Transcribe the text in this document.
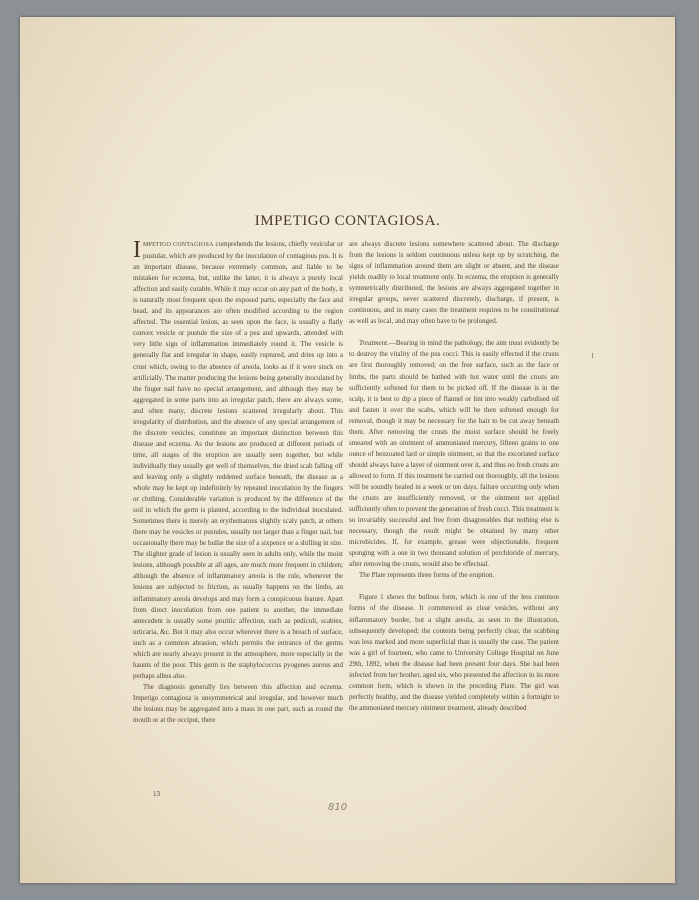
IMPETIGO CONTAGIOSA.

IMPETIGO CONTAGIOSA comprehends the lesions, chiefly vesicular or pustular, which are produced by the inoculation of contagious pus. It is an important disease, because extremely common, and liable to be mistaken for eczema, but, unlike the latter, it is always a purely local affection and easily curable. While it may occur on any part of the body, it is naturally most frequent upon the exposed parts, especially the face and head, and its appearances are often modified according to the region affected. The essential lesion, as seen upon the face, is usually a flatly convex vesicle or pustule the size of a pea and upwards, attended with very little sign of inflammation immediately round it. The vesicle is generally flat and irregular in shape, easily ruptured, and dries up into a crust which, owing to the absence of areola, looks as if it were stuck on artificially. The matter producing the lesions being generally inoculated by the finger nail have no special arrangement, and although they may be aggregated in some parts into an irregular patch, there are always some, and often many, discrete lesions scattered irregularly about. This irregularity of distribution, and the absence of any special arrangement of the discrete vesicles, constitute an important distinction between this disease and eczema. As the lesions are produced at different periods of time, all stages of the eruption are usually seen together, but while individually they usually get well of themselves, the dried scab falling off and leaving only a slightly reddened surface beneath, the disease as a whole may be kept up indefinitely by repeated inoculation by the fingers or clothing. Considerable variation is produced by the difference of the soil in which the germ is planted, according to the individual inoculated. Sometimes there is merely an erythematous slightly scaly patch, at others there may be vesicles or pustules, usually not larger than a finger nail, but occasionally there may be bullæ the size of a sixpence or a shilling in size. The slighter grade of lesion is usually seen in adults only, while the moist lesions, although possible at all ages, are much more frequent in children; although the absence of inflammatory areola is the rule, whenever the lesions are subjected to friction, as usually happens on the limbs, an inflammatory areola develops and may form a conspicuous feature. Apart from direct inoculation from one patient to another, the immediate antecedent is usually some pruritic affection, such as pediculi, scabies, urticaria, &c. But it may also occur wherever there is a breach of surface, such as a common abrasion, which permits the entrance of the germs which are nearly always present in the atmosphere, more especially in the haunts of the poor. This germ is the staphylococcus pyogenes aureus and perhaps albus also.

The diagnosis generally lies between this affection and eczema. Impetigo contagiosa is unsymmetrical and irregular, and however much the lesions may be aggregated into a mass in one part, such as round the mouth or at the occiput, there

are always discrete lesions somewhere scattered about. The discharge from the lesions is seldom continuous unless kept up by scratching, the signs of inflammation around them are slight or absent, and the disease yields readily to local treatment only. In eczema, the eruption is generally symmetrically distributed, the lesions are always aggregated together in irregular groups, never scattered discretely, discharge, if present, is continuous, and in many cases the treatment requires to be constitutional as well as local, and may often have to be prolonged.

Treatment.—Bearing in mind the pathology, the aim must evidently be to destroy the vitality of the pus cocci. This is easily effected if the crusts are first thoroughly removed; on the free surface, such as the face or limbs, the parts should be bathed with hot water until the crusts are sufficiently softened for them to be picked off. If the disease is in the scalp, it is best to dip a piece of flannel or lint into weakly carbolised oil and fasten it over the scabs, which will be then softened enough for removal, though it may be necessary for the hair to be cut away beneath them. After removing the crusts the moist surface should be freely smeared with an ointment of ammoniated mercury, fifteen grains to one ounce of benzoated lard or simple ointment, so that the excoriated surface should always have a layer of ointment over it, and thus no fresh crusts are allowed to form. If this treatment be carried out thoroughly, all the lesions will be soundly healed in a week or ten days, failure occurring only when the crusts are insufficiently removed, or the ointment not applied sufficiently often to prevent the generation of fresh cocci. This treatment is so invariably successful and free from disagreeables that nothing else is necessary, though the result might be obtained by many other microbicides. If, for example, grease were objectionable, frequent sponging with a one in two thousand solution of perchloride of mercury, after removing the crusts, would also be effectual.

The Plate represents three forms of the eruption.

Figure 1 shows the bullous form, which is one of the less common forms of the disease. It commenced as clear vesicles, without any inflammatory border, but a slight areola, as seen in the illustration, subsequently developed; the contents being perfectly clear, the scabbing was less marked and more superficial than is usually the case. The patient was a girl of fourteen, who came to University College Hospital on June 29th, 1892, when the disease had been present four days. She had been infected from her brother, aged six, who presented the affection in its more common form, which is shown in the preceding Plate. The girl was perfectly healthy, and the disease yielded completely within a fortnight to the ammoniated mercury ointment treatment, already described

13
810
